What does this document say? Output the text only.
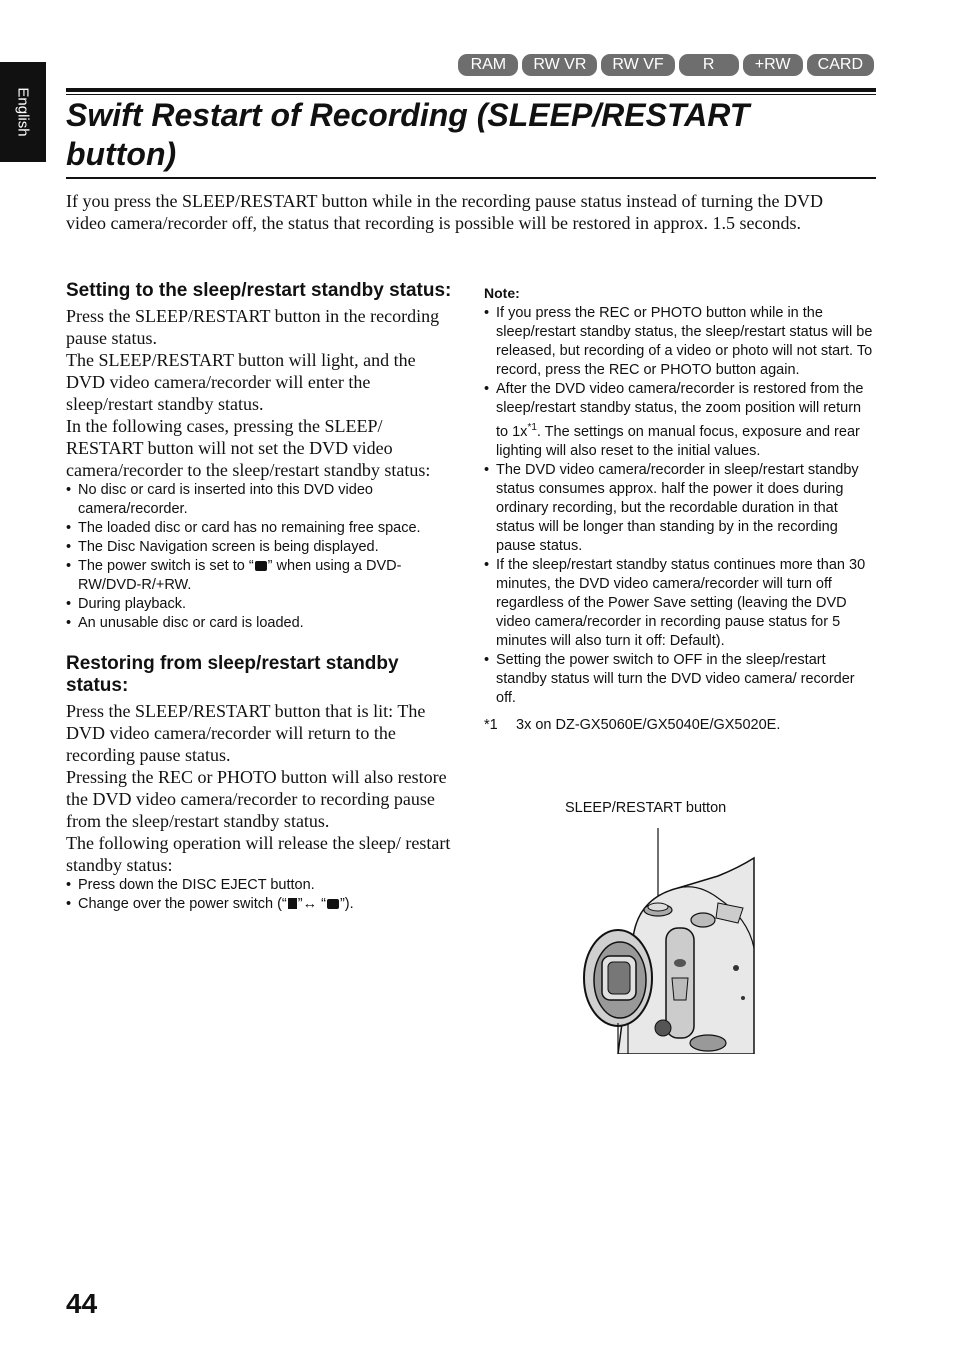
English
RAM	RW VR	RW VF	R	+RW	CARD
Swift Restart of Recording (SLEEP/RESTART button)

If you press the SLEEP/RESTART button while in the recording pause status instead of turning the DVD video camera/recorder off, the status that recording is possible will be restored in approx. 1.5 seconds.

Setting to the sleep/restart standby status:

Press the SLEEP/RESTART button in the recording pause status.

The SLEEP/RESTART button will light, and the DVD video camera/recorder will enter the sleep/restart standby status.

In the following cases, pressing the SLEEP/ RESTART button will not set the DVD video camera/recorder to the sleep/restart standby status:

• No disc or card is inserted into this DVD video camera/recorder.
• The loaded disc or card has no remaining free space.
• The Disc Navigation screen is being displayed.
• The power switch is set to “ ” when using a DVD-RW/DVD-R/+RW.
• During playback.
• An unusable disc or card is loaded.
Restoring from sleep/restart standby status:

Press the SLEEP/RESTART button that is lit: The DVD video camera/recorder will return to the recording pause status.

Pressing the REC or PHOTO button will also restore the DVD video camera/recorder to recording pause from the sleep/restart standby status.

The following operation will release the sleep/ restart standby status:

• Press down the DISC EJECT button.
• Change over the power switch (“ ”↔ “ ”).
Note:
• If you press the REC or PHOTO button while in the sleep/restart standby status, the sleep/restart status will be released, but recording of a video or photo will not start. To record, press the REC or PHOTO button again.
• After the DVD video camera/recorder is restored from the sleep/restart standby status, the zoom position will return to $1x^{*1}$. The settings on manual focus, exposure and rear lighting will also reset to the initial values.
• The DVD video camera/recorder in sleep/restart standby status consumes approx. half the power it does during ordinary recording, but the recordable duration in that status will be longer than standing by in the recording pause status.
• If the sleep/restart standby status continues more than 30 minutes, the DVD video camera/recorder will turn off regardless of the Power Save setting (leaving the DVD video camera/recorder in recording pause status for 5 minutes will also turn it off: Default).
• Setting the power switch to OFF in the sleep/restart standby status will turn the DVD video camera/ recorder off.
*1	3x on DZ-GX5060E/GX5040E/GX5020E.
SLEEP/RESTART button
44
